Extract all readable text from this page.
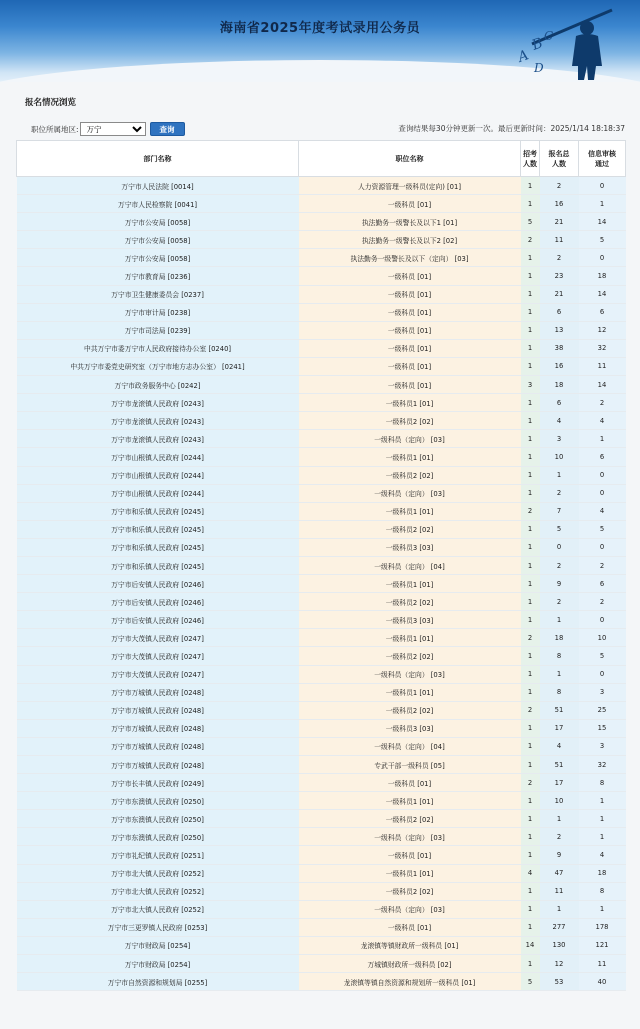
海南省2025年度考试录用公务员
A
B
C
D
报名情况浏览
职位所属地区:
万宁	查询	查询结果每30分钟更新一次。最后更新时间：2025/1/14 18:18:37
部门名称	职位名称	招考人数	报名总人数	信息审核通过
万宁市人民法院 [0014]	人力资源管理一级科员(定向) [01]	1	2	0
万宁市人民检察院 [0041]	一级科员 [01]	1	16	1
万宁市公安局 [0058]	执法勤务一级警长及以下1 [01]	5	21	14
万宁市公安局 [0058]	执法勤务一级警长及以下2 [02]	2	11	5
万宁市公安局 [0058]	执法勤务一级警长及以下（定向） [03]	1	2	0
万宁市教育局 [0236]	一级科员 [01]	1	23	18
万宁市卫生健康委员会 [0237]	一级科员 [01]	1	21	14
万宁市审计局 [0238]	一级科员 [01]	1	6	6
万宁市司法局 [0239]	一级科员 [01]	1	13	12
中共万宁市委万宁市人民政府接待办公室 [0240]	一级科员 [01]	1	38	32
中共万宁市委党史研究室（万宁市地方志办公室） [0241]	一级科员 [01]	1	16	11
万宁市政务服务中心 [0242]	一级科员 [01]	3	18	14
万宁市龙滚镇人民政府 [0243]	一级科员1 [01]	1	6	2
万宁市龙滚镇人民政府 [0243]	一级科员2 [02]	1	4	4
万宁市龙滚镇人民政府 [0243]	一级科员（定向） [03]	1	3	1
万宁市山根镇人民政府 [0244]	一级科员1 [01]	1	10	6
万宁市山根镇人民政府 [0244]	一级科员2 [02]	1	1	0
万宁市山根镇人民政府 [0244]	一级科员（定向） [03]	1	2	0
万宁市和乐镇人民政府 [0245]	一级科员1 [01]	2	7	4
万宁市和乐镇人民政府 [0245]	一级科员2 [02]	1	5	5
万宁市和乐镇人民政府 [0245]	一级科员3 [03]	1	0	0
万宁市和乐镇人民政府 [0245]	一级科员（定向） [04]	1	2	2
万宁市后安镇人民政府 [0246]	一级科员1 [01]	1	9	6
万宁市后安镇人民政府 [0246]	一级科员2 [02]	1	2	2
万宁市后安镇人民政府 [0246]	一级科员3 [03]	1	1	0
万宁市大茂镇人民政府 [0247]	一级科员1 [01]	2	18	10
万宁市大茂镇人民政府 [0247]	一级科员2 [02]	1	8	5
万宁市大茂镇人民政府 [0247]	一级科员（定向） [03]	1	1	0
万宁市万城镇人民政府 [0248]	一级科员1 [01]	1	8	3
万宁市万城镇人民政府 [0248]	一级科员2 [02]	2	51	25
万宁市万城镇人民政府 [0248]	一级科员3 [03]	1	17	15
万宁市万城镇人民政府 [0248]	一级科员（定向） [04]	1	4	3
万宁市万城镇人民政府 [0248]	专武干部一级科员 [05]	1	51	32
万宁市长丰镇人民政府 [0249]	一级科员 [01]	2	17	8
万宁市东澳镇人民政府 [0250]	一级科员1 [01]	1	10	1
万宁市东澳镇人民政府 [0250]	一级科员2 [02]	1	1	1
万宁市东澳镇人民政府 [0250]	一级科员（定向） [03]	1	2	1
万宁市礼纪镇人民政府 [0251]	一级科员 [01]	1	9	4
万宁市北大镇人民政府 [0252]	一级科员1 [01]	4	47	18
万宁市北大镇人民政府 [0252]	一级科员2 [02]	1	11	8
万宁市北大镇人民政府 [0252]	一级科员（定向） [03]	1	1	1
万宁市三更罗镇人民政府 [0253]	一级科员 [01]	1	277	178
万宁市财政局 [0254]	龙滚镇等镇财政所一级科员 [01]	14	130	121
万宁市财政局 [0254]	万城镇财政所一级科员 [02]	1	12	11
万宁市自然资源和规划局 [0255]	龙滚镇等镇自然资源和规划所一级科员 [01]	5	53	40
